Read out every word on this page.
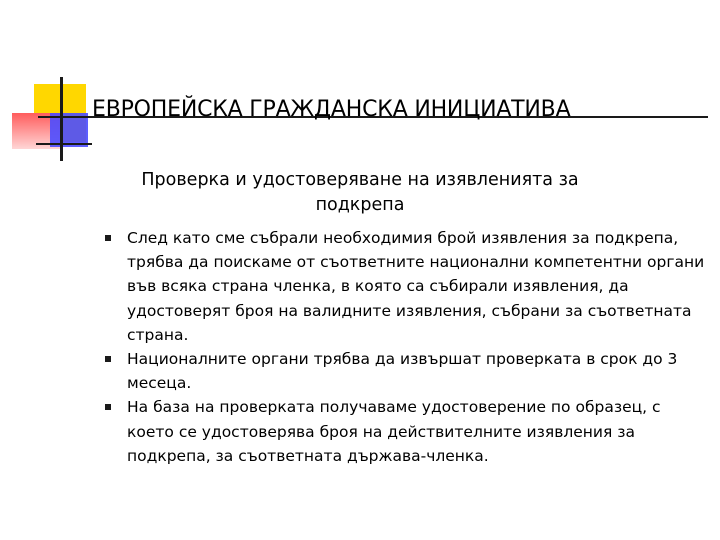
ЕВРОПЕЙСКА ГРАЖДАНСКА ИНИЦИАТИВА
Проверка и удостоверяване на изявленията за подкрепа
След като сме събрали необходимия брой изявления за подкрепа, трябва да поискаме от съответните национални компетентни органи във всяка страна членка, в която са събирали изявления, да удостоверят броя на валидните изявления, събрани за съответната страна.
Националните органи трябва да извършат проверката в срок до 3 месеца.
На база на проверката получаваме удостоверение по образец, с което се удостоверява броя на действителните изявления за подкрепа, за съответната държава-членка.
